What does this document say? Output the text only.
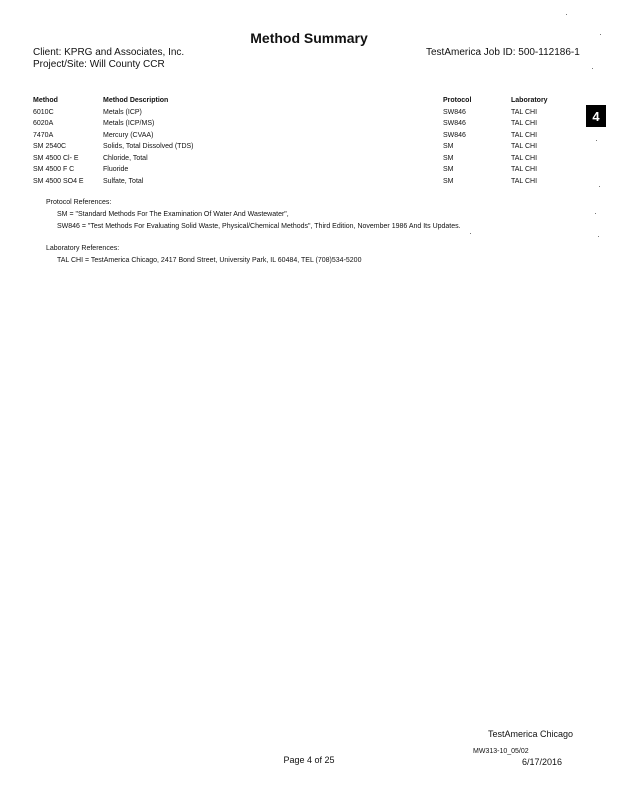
Method Summary
Client: KPRG and Associates, Inc.
Project/Site: Will County CCR
TestAmerica Job ID: 500-112186-1
4
Method	Method Description	Protocol	Laboratory
6010C	Metals (ICP)	SW846	TAL CHI
6020A	Metals (ICP/MS)	SW846	TAL CHI
7470A	Mercury (CVAA)	SW846	TAL CHI
SM 2540C	Solids, Total Dissolved (TDS)	SM	TAL CHI
SM 4500 Cl- E	Chloride, Total	SM	TAL CHI
SM 4500 F C	Fluoride	SM	TAL CHI
SM 4500 SO4 E	Sulfate, Total	SM	TAL CHI
Protocol References:
SM = "Standard Methods For The Examination Of Water And Wastewater",
SW846 = "Test Methods For Evaluating Solid Waste, Physical/Chemical Methods", Third Edition, November 1986 And Its Updates.
Laboratory References:
TAL CHI = TestAmerica Chicago, 2417 Bond Street, University Park, IL 60484, TEL (708)534-5200
TestAmerica Chicago
MW313-10_05/02
Page 4 of 25	6/17/2016
